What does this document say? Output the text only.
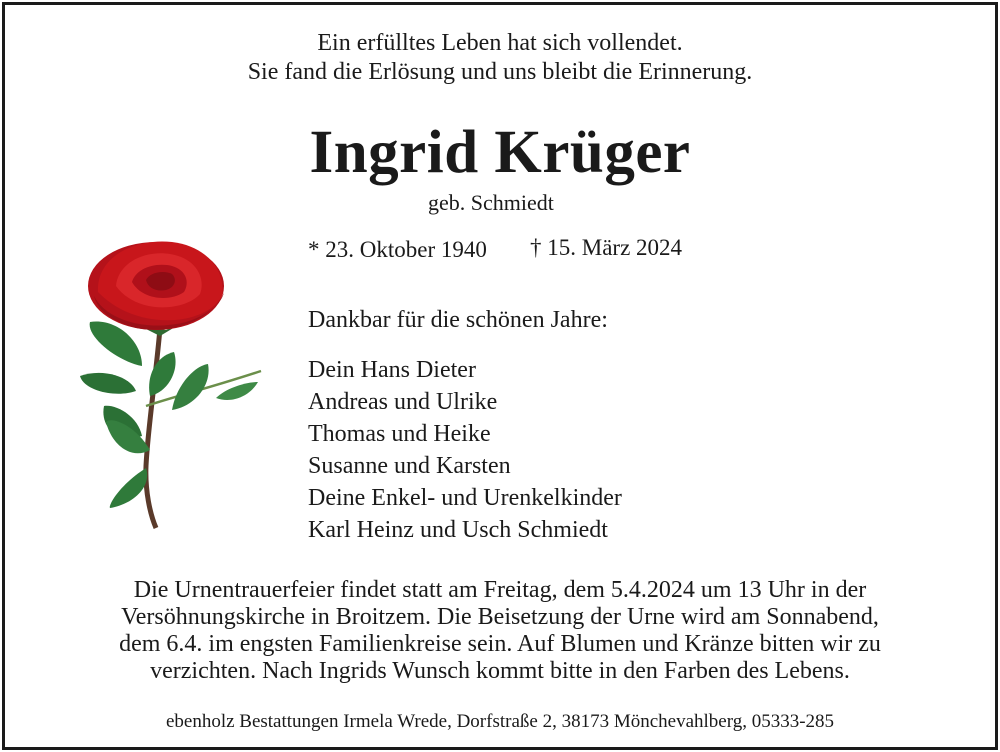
Ein erfülltes Leben hat sich vollendet.
Sie fand die Erlösung und uns bleibt die Erinnerung.
Ingrid Krüger
geb. Schmiedt
* 23. Oktober 1940 † 15. März 2024
Dankbar für die schönen Jahre:
Dein Hans Dieter
Andreas und Ulrike
Thomas und Heike
Susanne und Karsten
Deine Enkel- und Urenkelkinder
Karl Heinz und Usch Schmiedt
Die Urnentrauerfeier findet statt am Freitag, dem 5.4.2024 um 13 Uhr in der
Versöhnungskirche in Broitzem. Die Beisetzung der Urne wird am Sonnabend,
dem 6.4. im engsten Familienkreise sein. Auf Blumen und Kränze bitten wir zu
verzichten. Nach Ingrids Wunsch kommt bitte in den Farben des Lebens.
ebenholz Bestattungen Irmela Wrede, Dorfstraße 2, 38173 Mönchevahlberg, 05333-285
